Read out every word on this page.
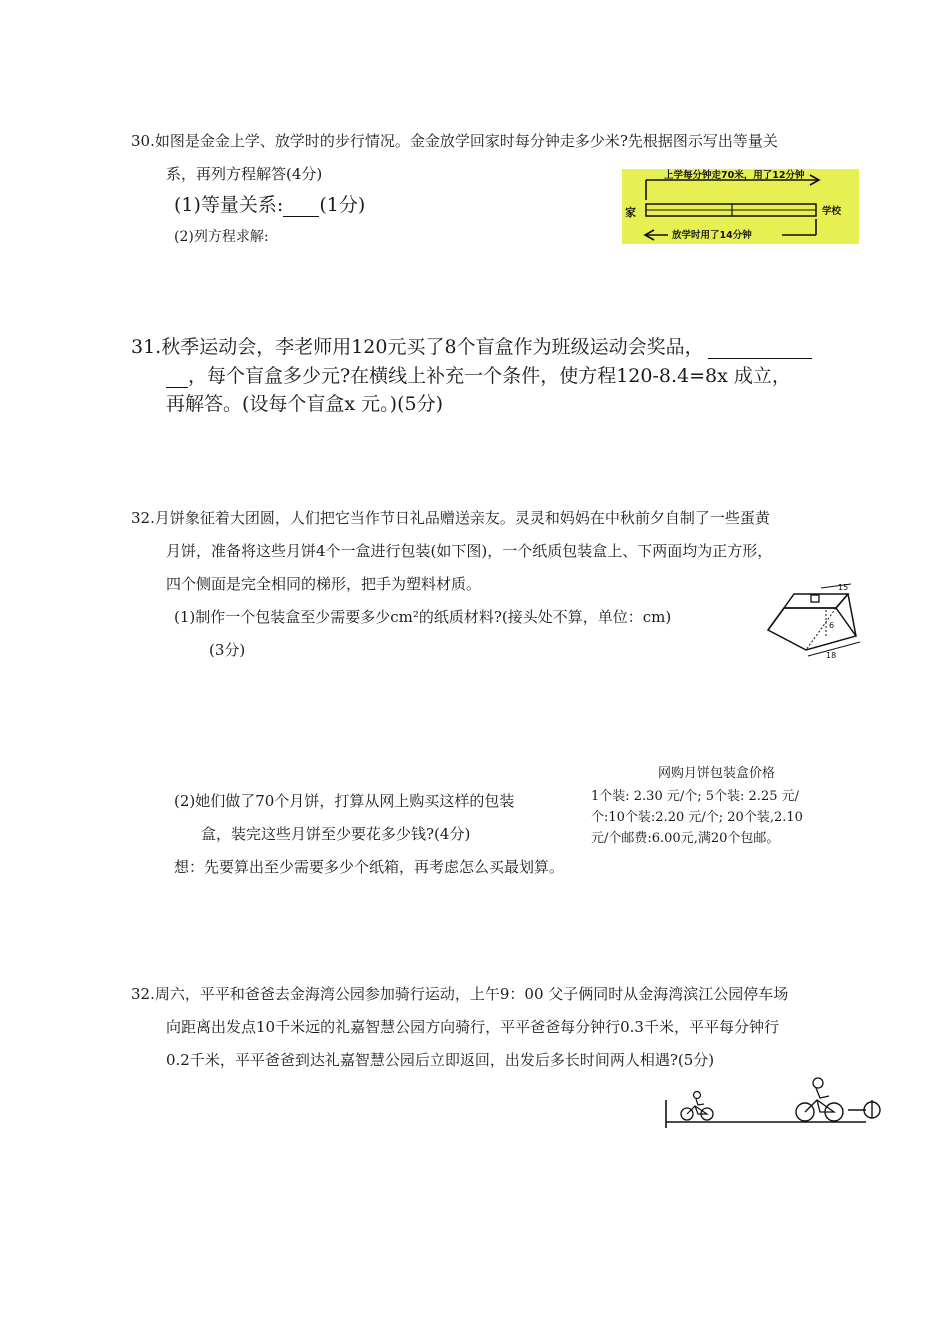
30.如图是金金上学、放学时的步行情况。金金放学回家时每分钟走多少米?先根据图示写出等量关
系，再列方程解答(4分)
(1)等量关系: (1分)
(2)列方程求解:
上学每分钟走70米，用了12分钟
家	学校
放学时用了14分钟
31.秋季运动会，李老师用120元买了8个盲盒作为班级运动会奖品，
，每个盲盒多少元?在横线上补充一个条件，使方程120-8.4=8x 成立，
再解答。(设每个盲盒x 元。)(5分)
32.月饼象征着大团圆，人们把它当作节日礼品赠送亲友。灵灵和妈妈在中秋前夕自制了一些蛋黄
月饼，准备将这些月饼4个一盒进行包装(如下图)，一个纸质包装盒上、下两面均为正方形，
四个侧面是完全相同的梯形，把手为塑料材质。
(1)制作一个包装盒至少需要多少cm²的纸质材料?(接头处不算，单位：cm)
(3分)
15
6
18
网购月饼包装盒价格
1个装: 2.30 元/个; 5个装: 2.25 元/
个:10个装:2.20 元/个; 20个装,2.10
元/个邮费:6.00元,满20个包邮。
(2)她们做了70个月饼，打算从网上购买这样的包装
盒，装完这些月饼至少要花多少钱?(4分)
想：先要算出至少需要多少个纸箱，再考虑怎么买最划算。
32.周六，平平和爸爸去金海湾公园参加骑行运动，上午9：00 父子俩同时从金海湾滨江公园停车场
向距离出发点10千米远的礼嘉智慧公园方向骑行，平平爸爸每分钟行0.3千米，平平每分钟行
0.2千米，平平爸爸到达礼嘉智慧公园后立即返回，出发后多长时间两人相遇?(5分)
